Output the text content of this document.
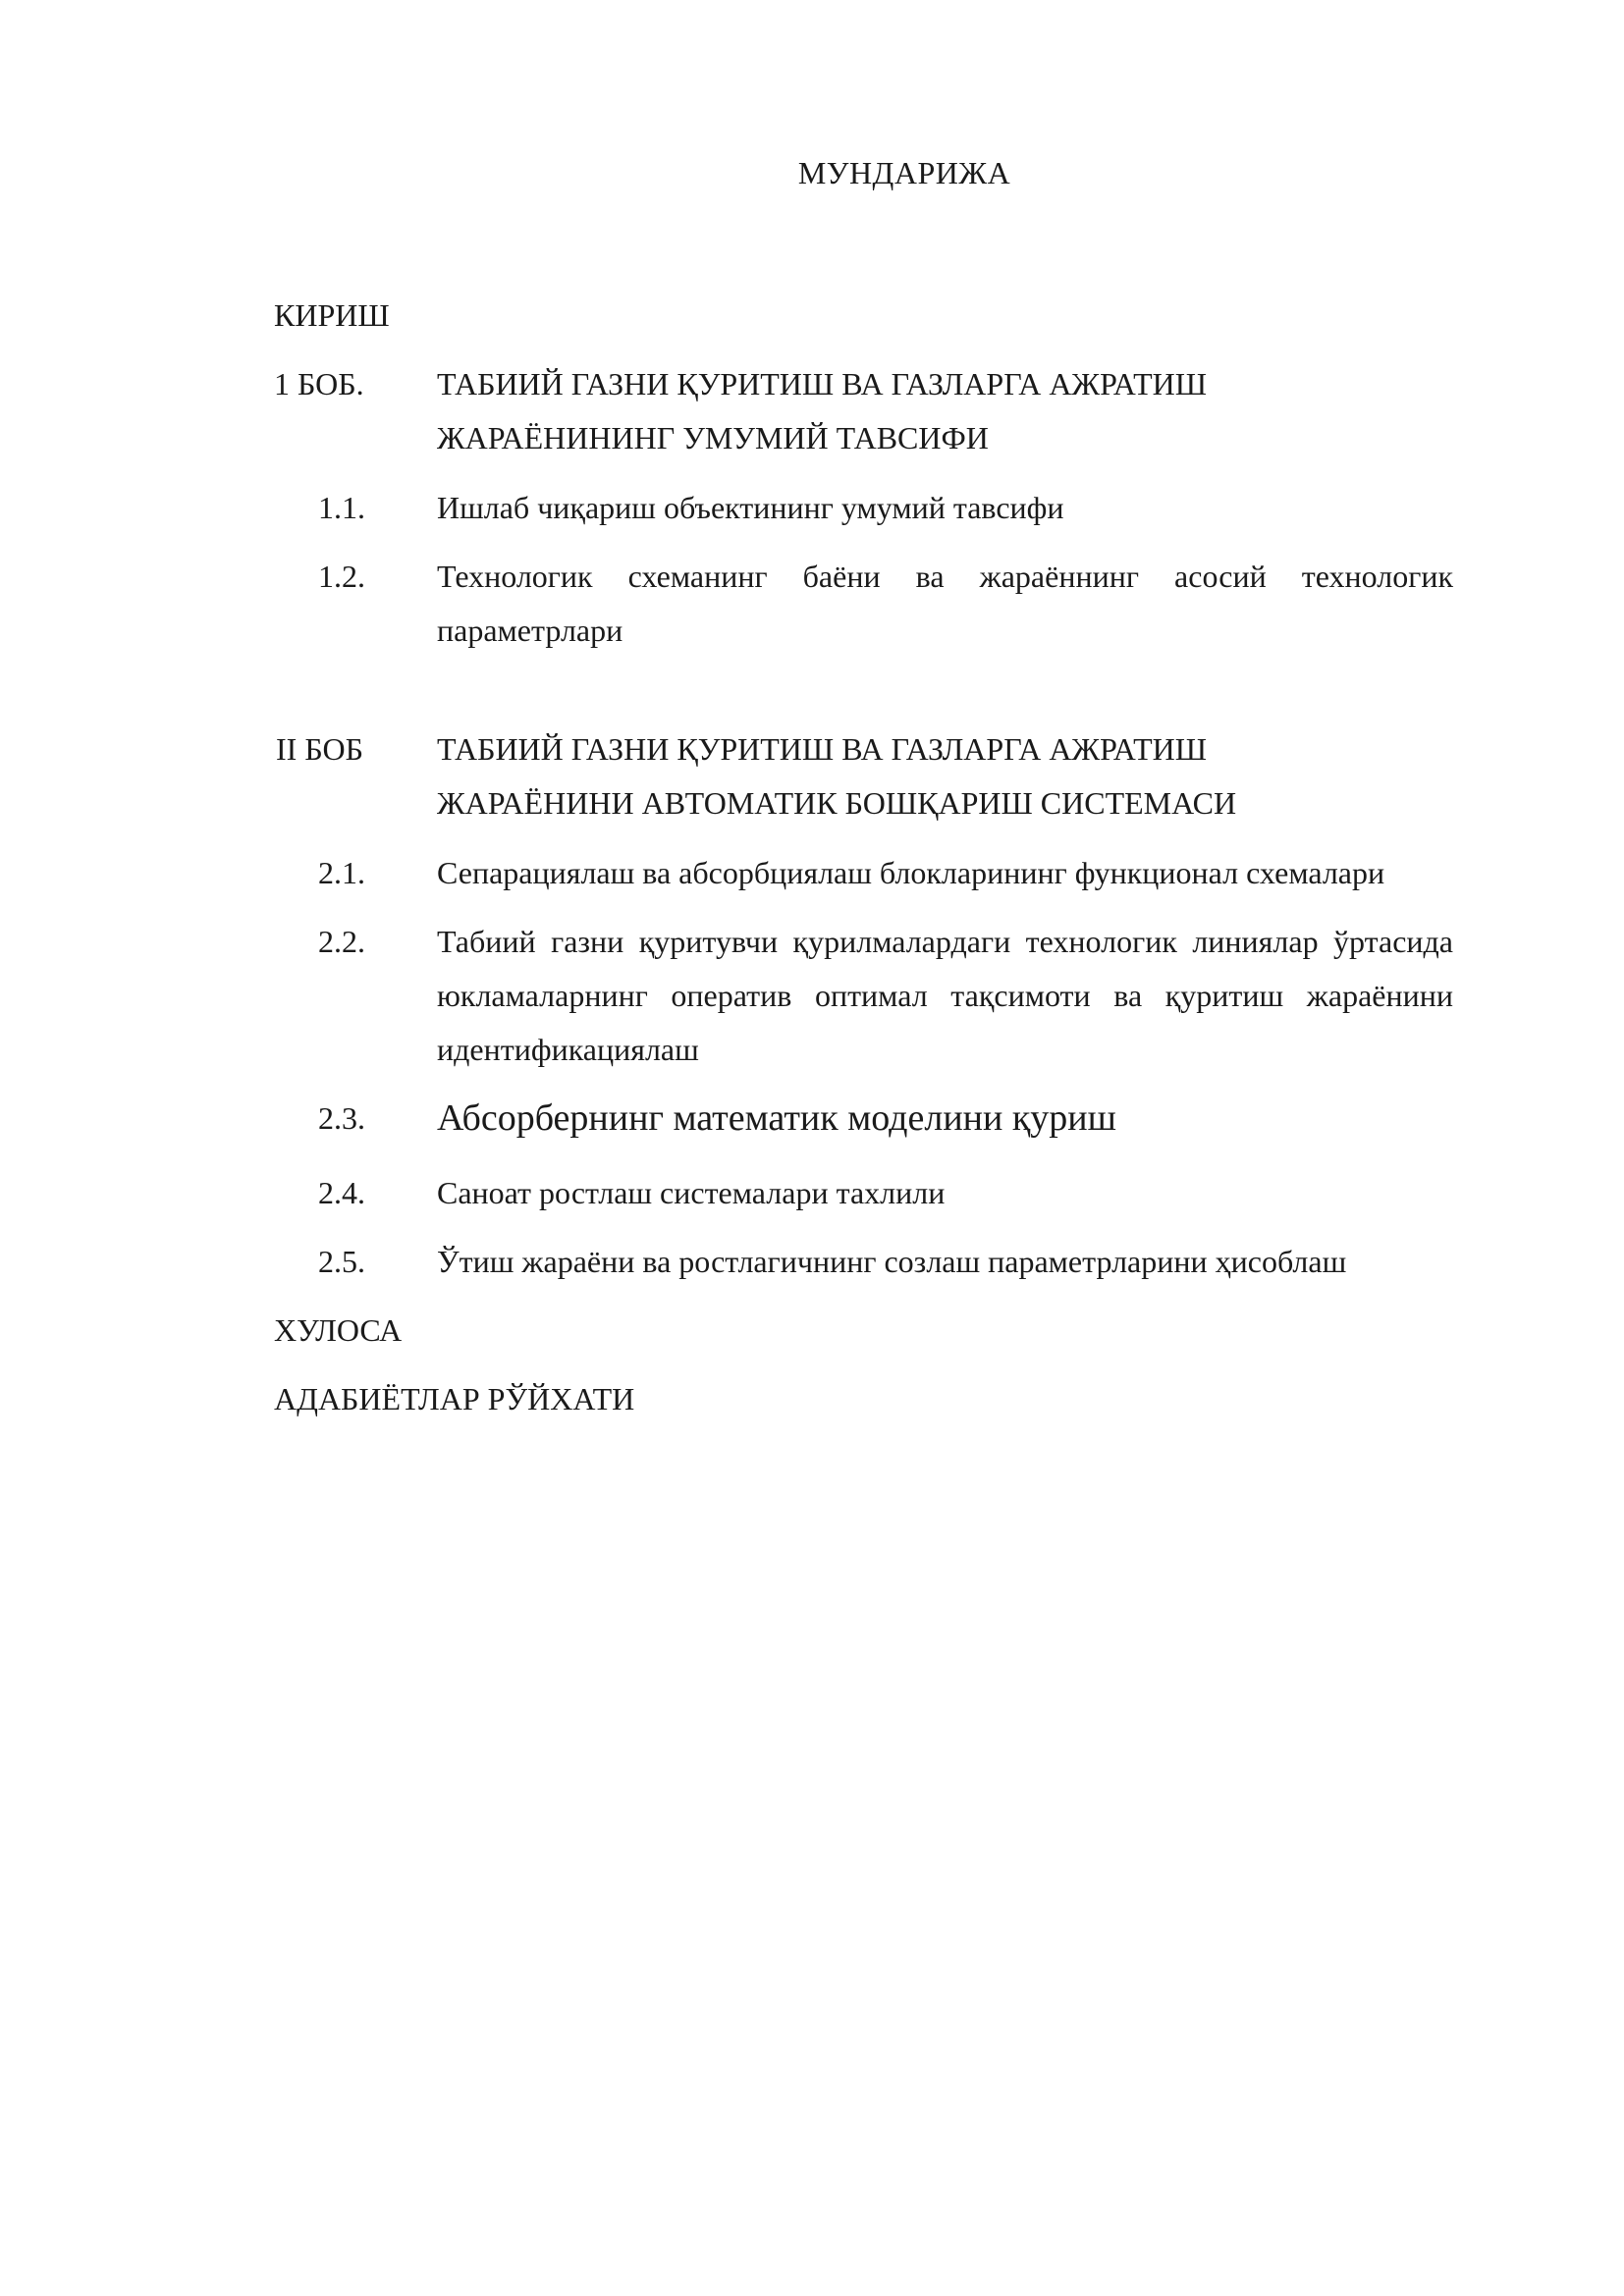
МУНДАРИЖА
КИРИШ
1 БОБ. ТАБИИЙ ГАЗНИ ҚУРИТИШ ВА ГАЗЛАРГА АЖРАТИШ
ЖАРАЁНИНИНГ УМУМИЙ ТАВСИФИ
1.1. Ишлаб чиқариш объектининг умумий тавсифи
1.2. Технологик схеманинг баёни ва жараённинг асосий технологик параметрлари
II БОБ ТАБИИЙ ГАЗНИ ҚУРИТИШ ВА ГАЗЛАРГА АЖРАТИШ
ЖАРАЁНИНИ АВТОМАТИК БОШҚАРИШ СИСТЕМАСИ
2.1. Сепарациялаш ва абсорбциялаш блокларининг функционал схемалари
2.2. Табиий газни қуритувчи қурилмалардаги технологик линиялар ўртасида юкламаларнинг оператив оптимал тақсимоти ва қуритиш жараёнини идентификациялаш
2.3. Абсорбернинг математик моделини қуриш
2.4. Саноат ростлаш системалари тахлили
2.5. Ўтиш жараёни ва ростлагичнинг созлаш параметрларини ҳисоблаш
ХУЛОСА
АДАБИЁТЛАР РЎЙХАТИ
